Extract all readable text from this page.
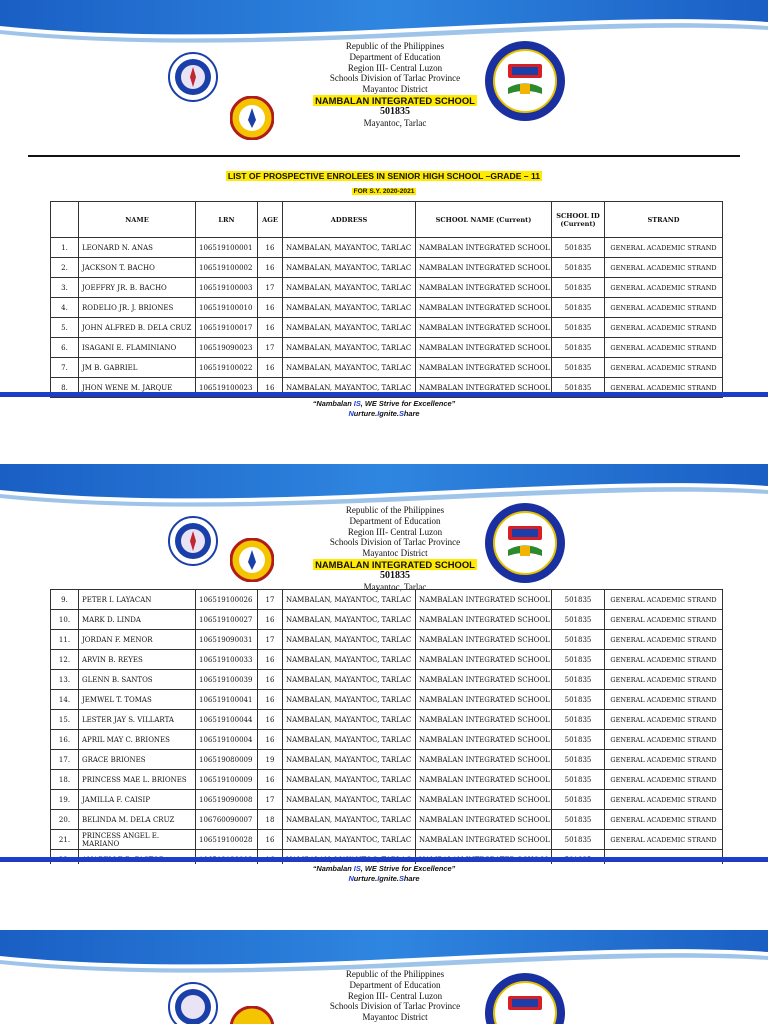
Republic of the Philippines
Department of Education
Region III- Central Luzon
Schools Division of Tarlac Province
Mayantoc District
NAMBALAN INTEGRATED SCHOOL
501835
Mayantoc, Tarlac
LIST OF PROSPECTIVE ENROLEES IN SENIOR HIGH SCHOOL –GRADE – 11
FOR S.Y. 2020-2021
	NAME	LRN	AGE	ADDRESS	SCHOOL NAME (Current)	SCHOOL ID (Current)	STRAND
1.	LEONARD N. ANAS	106519100001	16	NAMBALAN, MAYANTOC, TARLAC	NAMBALAN INTEGRATED SCHOOL	501835	GENERAL ACADEMIC STRAND
2.	JACKSON T. BACHO	106519100002	16	NAMBALAN, MAYANTOC, TARLAC	NAMBALAN INTEGRATED SCHOOL	501835	GENERAL ACADEMIC STRAND
3.	JOEFFRY JR. B. BACHO	106519100003	17	NAMBALAN, MAYANTOC, TARLAC	NAMBALAN INTEGRATED SCHOOL	501835	GENERAL ACADEMIC STRAND
4.	RODELIO JR. J. BRIONES	106519100010	16	NAMBALAN, MAYANTOC, TARLAC	NAMBALAN INTEGRATED SCHOOL	501835	GENERAL ACADEMIC STRAND
5.	JOHN ALFRED B. DELA CRUZ	106519100017	16	NAMBALAN, MAYANTOC, TARLAC	NAMBALAN INTEGRATED SCHOOL	501835	GENERAL ACADEMIC STRAND
6.	ISAGANI E. FLAMINIANO	106519090023	17	NAMBALAN, MAYANTOC, TARLAC	NAMBALAN INTEGRATED SCHOOL	501835	GENERAL ACADEMIC STRAND
7.	JM B. GABRIEL	106519100022	16	NAMBALAN, MAYANTOC, TARLAC	NAMBALAN INTEGRATED SCHOOL	501835	GENERAL ACADEMIC STRAND
8.	JHON WENE M. JARQUE	106519100023	16	NAMBALAN, MAYANTOC, TARLAC	NAMBALAN INTEGRATED SCHOOL	501835	GENERAL ACADEMIC STRAND
“Nambalan IS, WE Strive for Excellence”
Nurture.Ignite.Share
Republic of the Philippines
Department of Education
Region III- Central Luzon
Schools Division of Tarlac Province
Mayantoc District
NAMBALAN INTEGRATED SCHOOL
501835
Mayantoc, Tarlac
9.	PETER I. LAYACAN	106519100026	17	NAMBALAN, MAYANTOC, TARLAC	NAMBALAN INTEGRATED SCHOOL	501835	GENERAL ACADEMIC STRAND
10.	MARK D. LINDA	106519100027	16	NAMBALAN, MAYANTOC, TARLAC	NAMBALAN INTEGRATED SCHOOL	501835	GENERAL ACADEMIC STRAND
11.	JORDAN F. MENOR	106519090031	17	NAMBALAN, MAYANTOC, TARLAC	NAMBALAN INTEGRATED SCHOOL	501835	GENERAL ACADEMIC STRAND
12.	ARVIN B. REYES	106519100033	16	NAMBALAN, MAYANTOC, TARLAC	NAMBALAN INTEGRATED SCHOOL	501835	GENERAL ACADEMIC STRAND
13.	GLENN B. SANTOS	106519100039	16	NAMBALAN, MAYANTOC, TARLAC	NAMBALAN INTEGRATED SCHOOL	501835	GENERAL ACADEMIC STRAND
14.	JEMWEL T. TOMAS	106519100041	16	NAMBALAN, MAYANTOC, TARLAC	NAMBALAN INTEGRATED SCHOOL	501835	GENERAL ACADEMIC STRAND
15.	LESTER JAY S. VILLARTA	106519100044	16	NAMBALAN, MAYANTOC, TARLAC	NAMBALAN INTEGRATED SCHOOL	501835	GENERAL ACADEMIC STRAND
16.	APRIL MAY C. BRIONES	106519100004	16	NAMBALAN, MAYANTOC, TARLAC	NAMBALAN INTEGRATED SCHOOL	501835	GENERAL ACADEMIC STRAND
17.	GRACE BRIONES	106519080009	19	NAMBALAN, MAYANTOC, TARLAC	NAMBALAN INTEGRATED SCHOOL	501835	GENERAL ACADEMIC STRAND
18.	PRINCESS MAE L. BRIONES	106519100009	16	NAMBALAN, MAYANTOC, TARLAC	NAMBALAN INTEGRATED SCHOOL	501835	GENERAL ACADEMIC STRAND
19.	JAMILLA F. CAISIP	106519090008	17	NAMBALAN, MAYANTOC, TARLAC	NAMBALAN INTEGRATED SCHOOL	501835	GENERAL ACADEMIC STRAND
20.	BELINDA M. DELA CRUZ	106760090007	18	NAMBALAN, MAYANTOC, TARLAC	NAMBALAN INTEGRATED SCHOOL	501835	GENERAL ACADEMIC STRAND
21.	PRINCESS ANGEL E. MARIANO	106519100028	16	NAMBALAN, MAYANTOC, TARLAC	NAMBALAN INTEGRATED SCHOOL	501835	GENERAL ACADEMIC STRAND

“Nambalan IS, WE Strive for Excellence”
Nurture.Ignite.Share
Republic of the Philippines
Department of Education
Region III- Central Luzon
Schools Division of Tarlac Province
Mayantoc District
